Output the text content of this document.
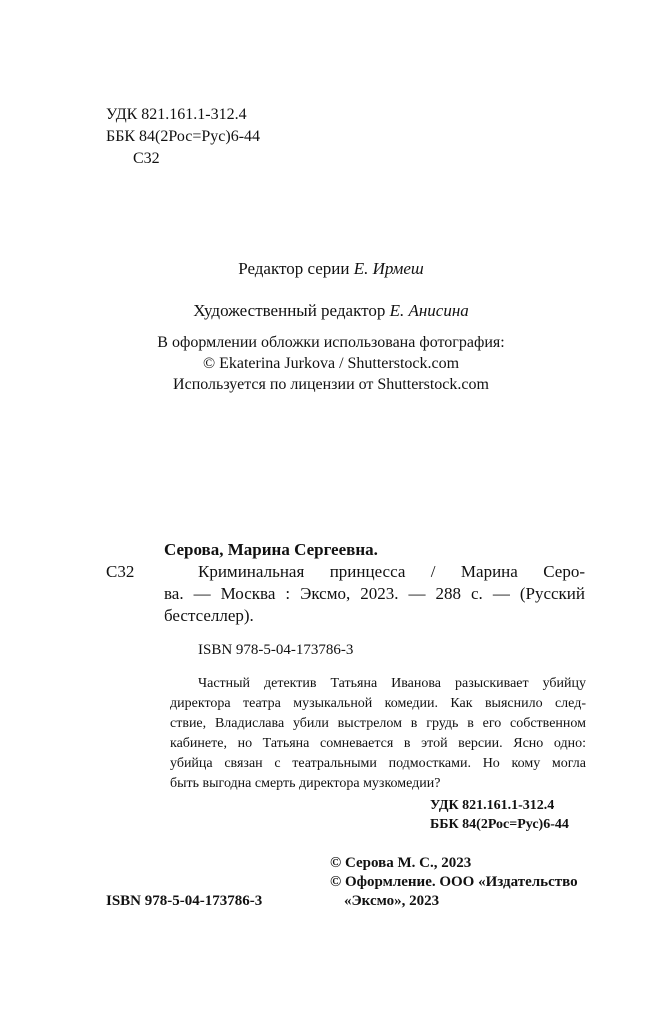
УДК 821.161.1-312.4
ББК 84(2Рос=Рус)6-44
С32
Редактор серии Е. Ирмеш
Художественный редактор Е. Анисина
В оформлении обложки использована фотография:
© Ekaterina Jurkova / Shutterstock.com
Используется по лицензии от Shutterstock.com
Серова, Марина Сергеевна.
С32	Криминальная принцесса / Марина Серо-
ва. — Москва : Эксмо, 2023. — 288 с. — (Русский
бестселлер).
ISBN 978-5-04-173786-3
Частный детектив Татьяна Иванова разыскивает убийцу
директора театра музыкальной комедии. Как выяснило след-
ствие, Владислава убили выстрелом в грудь в его собственном
кабинете, но Татьяна сомневается в этой версии. Ясно одно:
убийца связан с театральными подмостками. Но кому могла
быть выгодна смерть директора музкомедии?
УДК 821.161.1-312.4
ББК 84(2Рос=Рус)6-44
ISBN 978-5-04-173786-3
© Серова М. С., 2023
© Оформление. ООО «Издательство
«Эксмо», 2023
